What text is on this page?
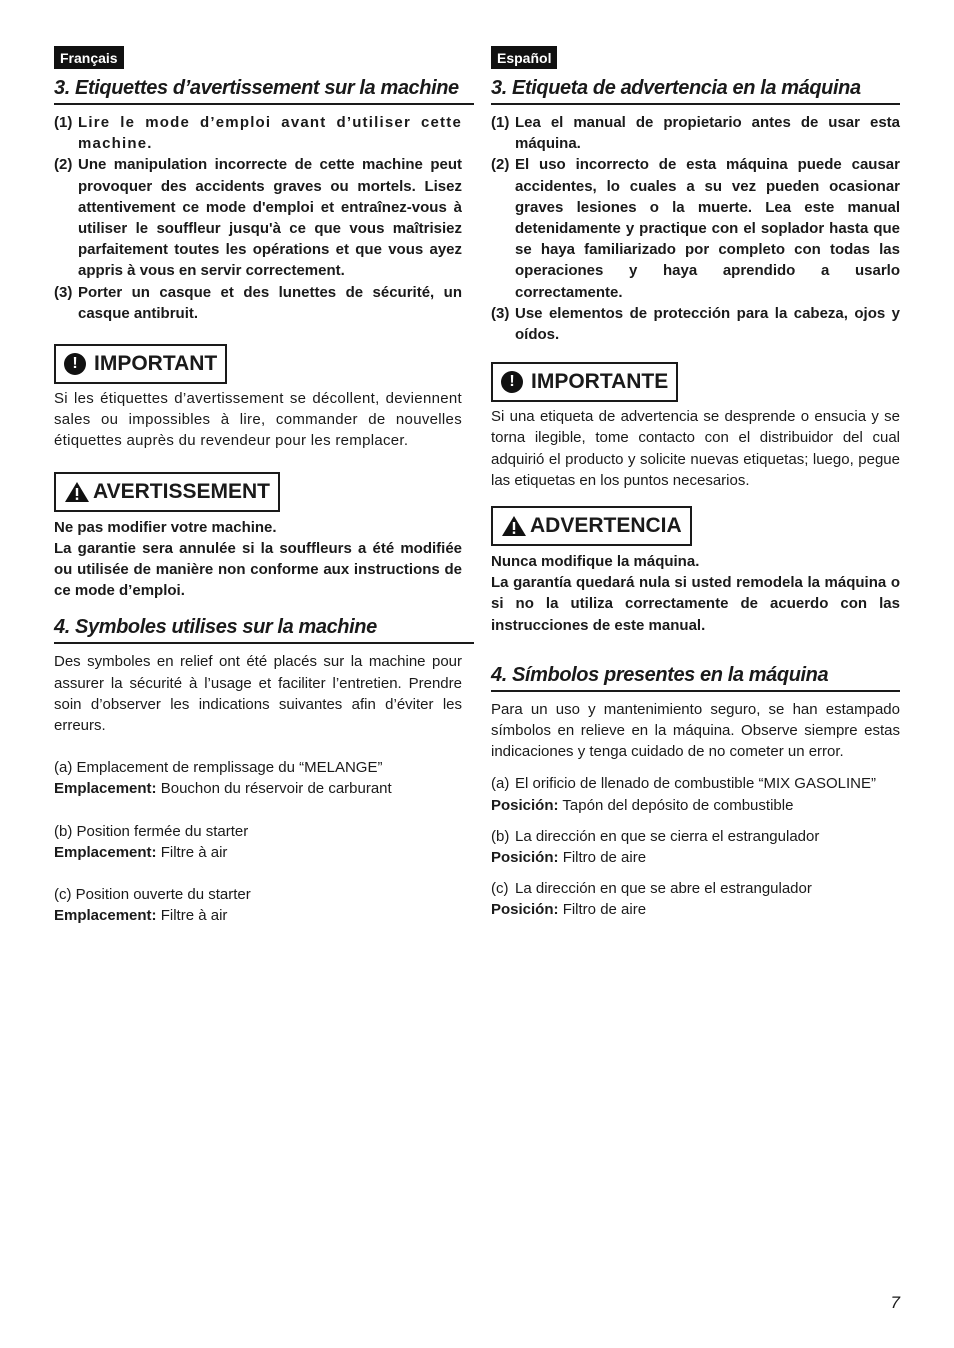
Français
3. Etiquettes d’avertissement sur la machine
(1) Lire le mode d’emploi avant d’utiliser cette machine.
(2) Une manipulation incorrecte de cette machine peut provoquer des accidents graves ou mortels. Lisez attentivement ce mode d'emploi et entraînez-vous à utiliser le souffleur jusqu'à ce que vous maîtrisiez parfaitement toutes les opérations et que vous ayez appris à vous en servir correctement.
(3) Porter un casque et des lunettes de sécurité, un casque antibruit.
! IMPORTANT

Si les étiquettes d’avertissement se décollent, deviennent sales ou impossibles à lire, commander de nouvelles étiquettes auprès du revendeur pour les remplacer.

AVERTISSEMENT

Ne pas modifier votre machine.

La garantie sera annulée si la souffleurs a été modifiée ou utilisée de manière non conforme aux instructions de ce mode d’emploi.

4. Symboles utilises sur la machine

Des symboles en relief ont été placés sur la machine pour assurer la sécurité à l’usage et faciliter l’entretien. Prendre soin d’observer les indications suivantes afin d’éviter les erreurs.

(a) Emplacement de remplissage du “MELANGE”
Emplacement: Bouchon du réservoir de carburant
(b) Position fermée du starter
Emplacement: Filtre à air
(c) Position ouverte du starter
Emplacement: Filtre à air
Español
3. Etiqueta de advertencia en la máquina
(1) Lea el manual de propietario antes de usar esta máquina.
(2) El uso incorrecto de esta máquina puede causar accidentes, lo cuales a su vez pueden ocasionar graves lesiones o la muerte. Lea este manual detenidamente y practique con el soplador hasta que se haya familiarizado por completo con todas las operaciones y haya aprendido a usarlo correctamente.
(3) Use elementos de protección para la cabeza, ojos y oídos.
! IMPORTANTE

Si una etiqueta de advertencia se desprende o ensucia y se torna ilegible, tome contacto con el distribuidor del cual adquirió el producto y solicite nuevas etiquetas; luego, pegue las etiquetas en los puntos necesarios.

ADVERTENCIA

Nunca modifique la máquina.

La garantía quedará nula si usted remodela la máquina o si no la utiliza correctamente de acuerdo con las instrucciones de este manual.

4. Símbolos presentes en la máquina

Para un uso y mantenimiento seguro, se han estampado símbolos en relieve en la máquina. Observe siempre estas indicaciones y tenga cuidado de no cometer un error.

(a) El orificio de llenado de combustible “MIX GASOLINE”
Posición: Tapón del depósito de combustible
(b) La dirección en que se cierra el estrangulador
Posición: Filtro de aire
(c) La dirección en que se abre el estrangulador
Posición: Filtro de aire
7
